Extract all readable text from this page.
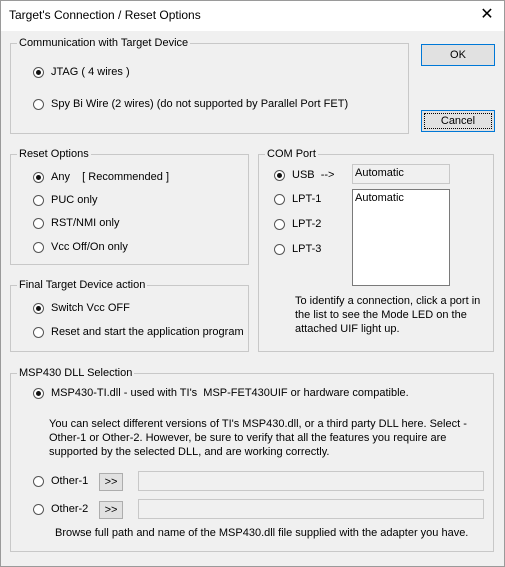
Target's Connection / Reset Options	✕
Communication with Target Device
JTAG ( 4 wires )
Spy Bi Wire (2 wires) (do not supported by Parallel Port FET)
OK
Cancel
Reset Options
Any    [ Recommended ]
PUC only
RST/NMI only
Vcc Off/On only
Final Target Device action
Switch Vcc OFF
Reset and start the application program
COM Port
USB  -->
LPT-1
LPT-2
LPT-3
Automatic
Automatic
To identify a connection, click a port in the list to see the Mode LED on the attached UIF light up.
MSP430 DLL Selection
MSP430-TI.dll - used with TI's  MSP-FET430UIF or hardware compatible.
You can select different versions of TI's MSP430.dll, or a third party DLL here. Select - Other-1 or Other-2. However, be sure to verify that all the features you require are supported by the selected DLL, and are working correctly.
Other-1	>>
Other-2	>>
Browse full path and name of the MSP430.dll file supplied with the adapter you have.
